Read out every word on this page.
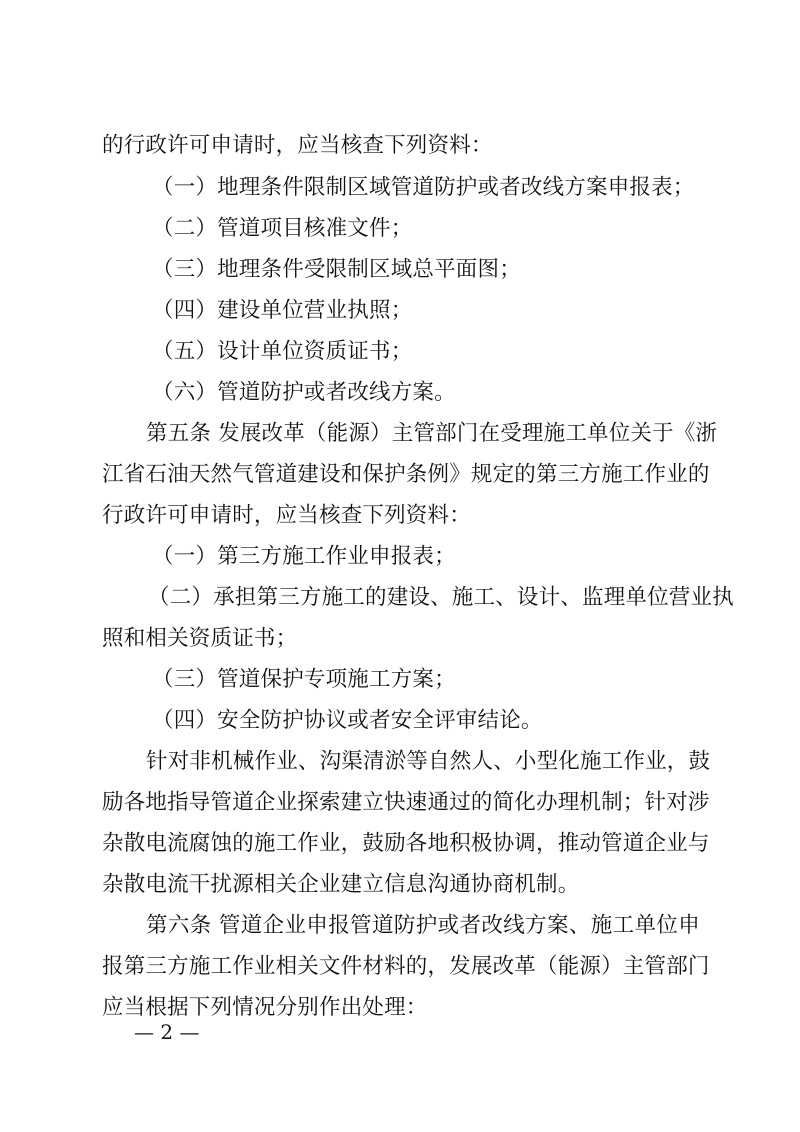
的行政许可申请时，应当核查下列资料：
（一）地理条件限制区域管道防护或者改线方案申报表；
（二）管道项目核准文件；
（三）地理条件受限制区域总平面图；
（四）建设单位营业执照；
（五）设计单位资质证书；
（六）管道防护或者改线方案。
第五条 发展改革（能源）主管部门在受理施工单位关于《浙
江省石油天然气管道建设和保护条例》规定的第三方施工作业的
行政许可申请时，应当核查下列资料：
（一）第三方施工作业申报表；
（二）承担第三方施工的建设、施工、设计、监理单位营业执
照和相关资质证书；
（三）管道保护专项施工方案；
（四）安全防护协议或者安全评审结论。
针对非机械作业、沟渠清淤等自然人、小型化施工作业，鼓
励各地指导管道企业探索建立快速通过的简化办理机制；针对涉
杂散电流腐蚀的施工作业，鼓励各地积极协调，推动管道企业与
杂散电流干扰源相关企业建立信息沟通协商机制。
第六条 管道企业申报管道防护或者改线方案、施工单位申
报第三方施工作业相关文件材料的，发展改革（能源）主管部门
应当根据下列情况分别作出处理：
— 2 —
